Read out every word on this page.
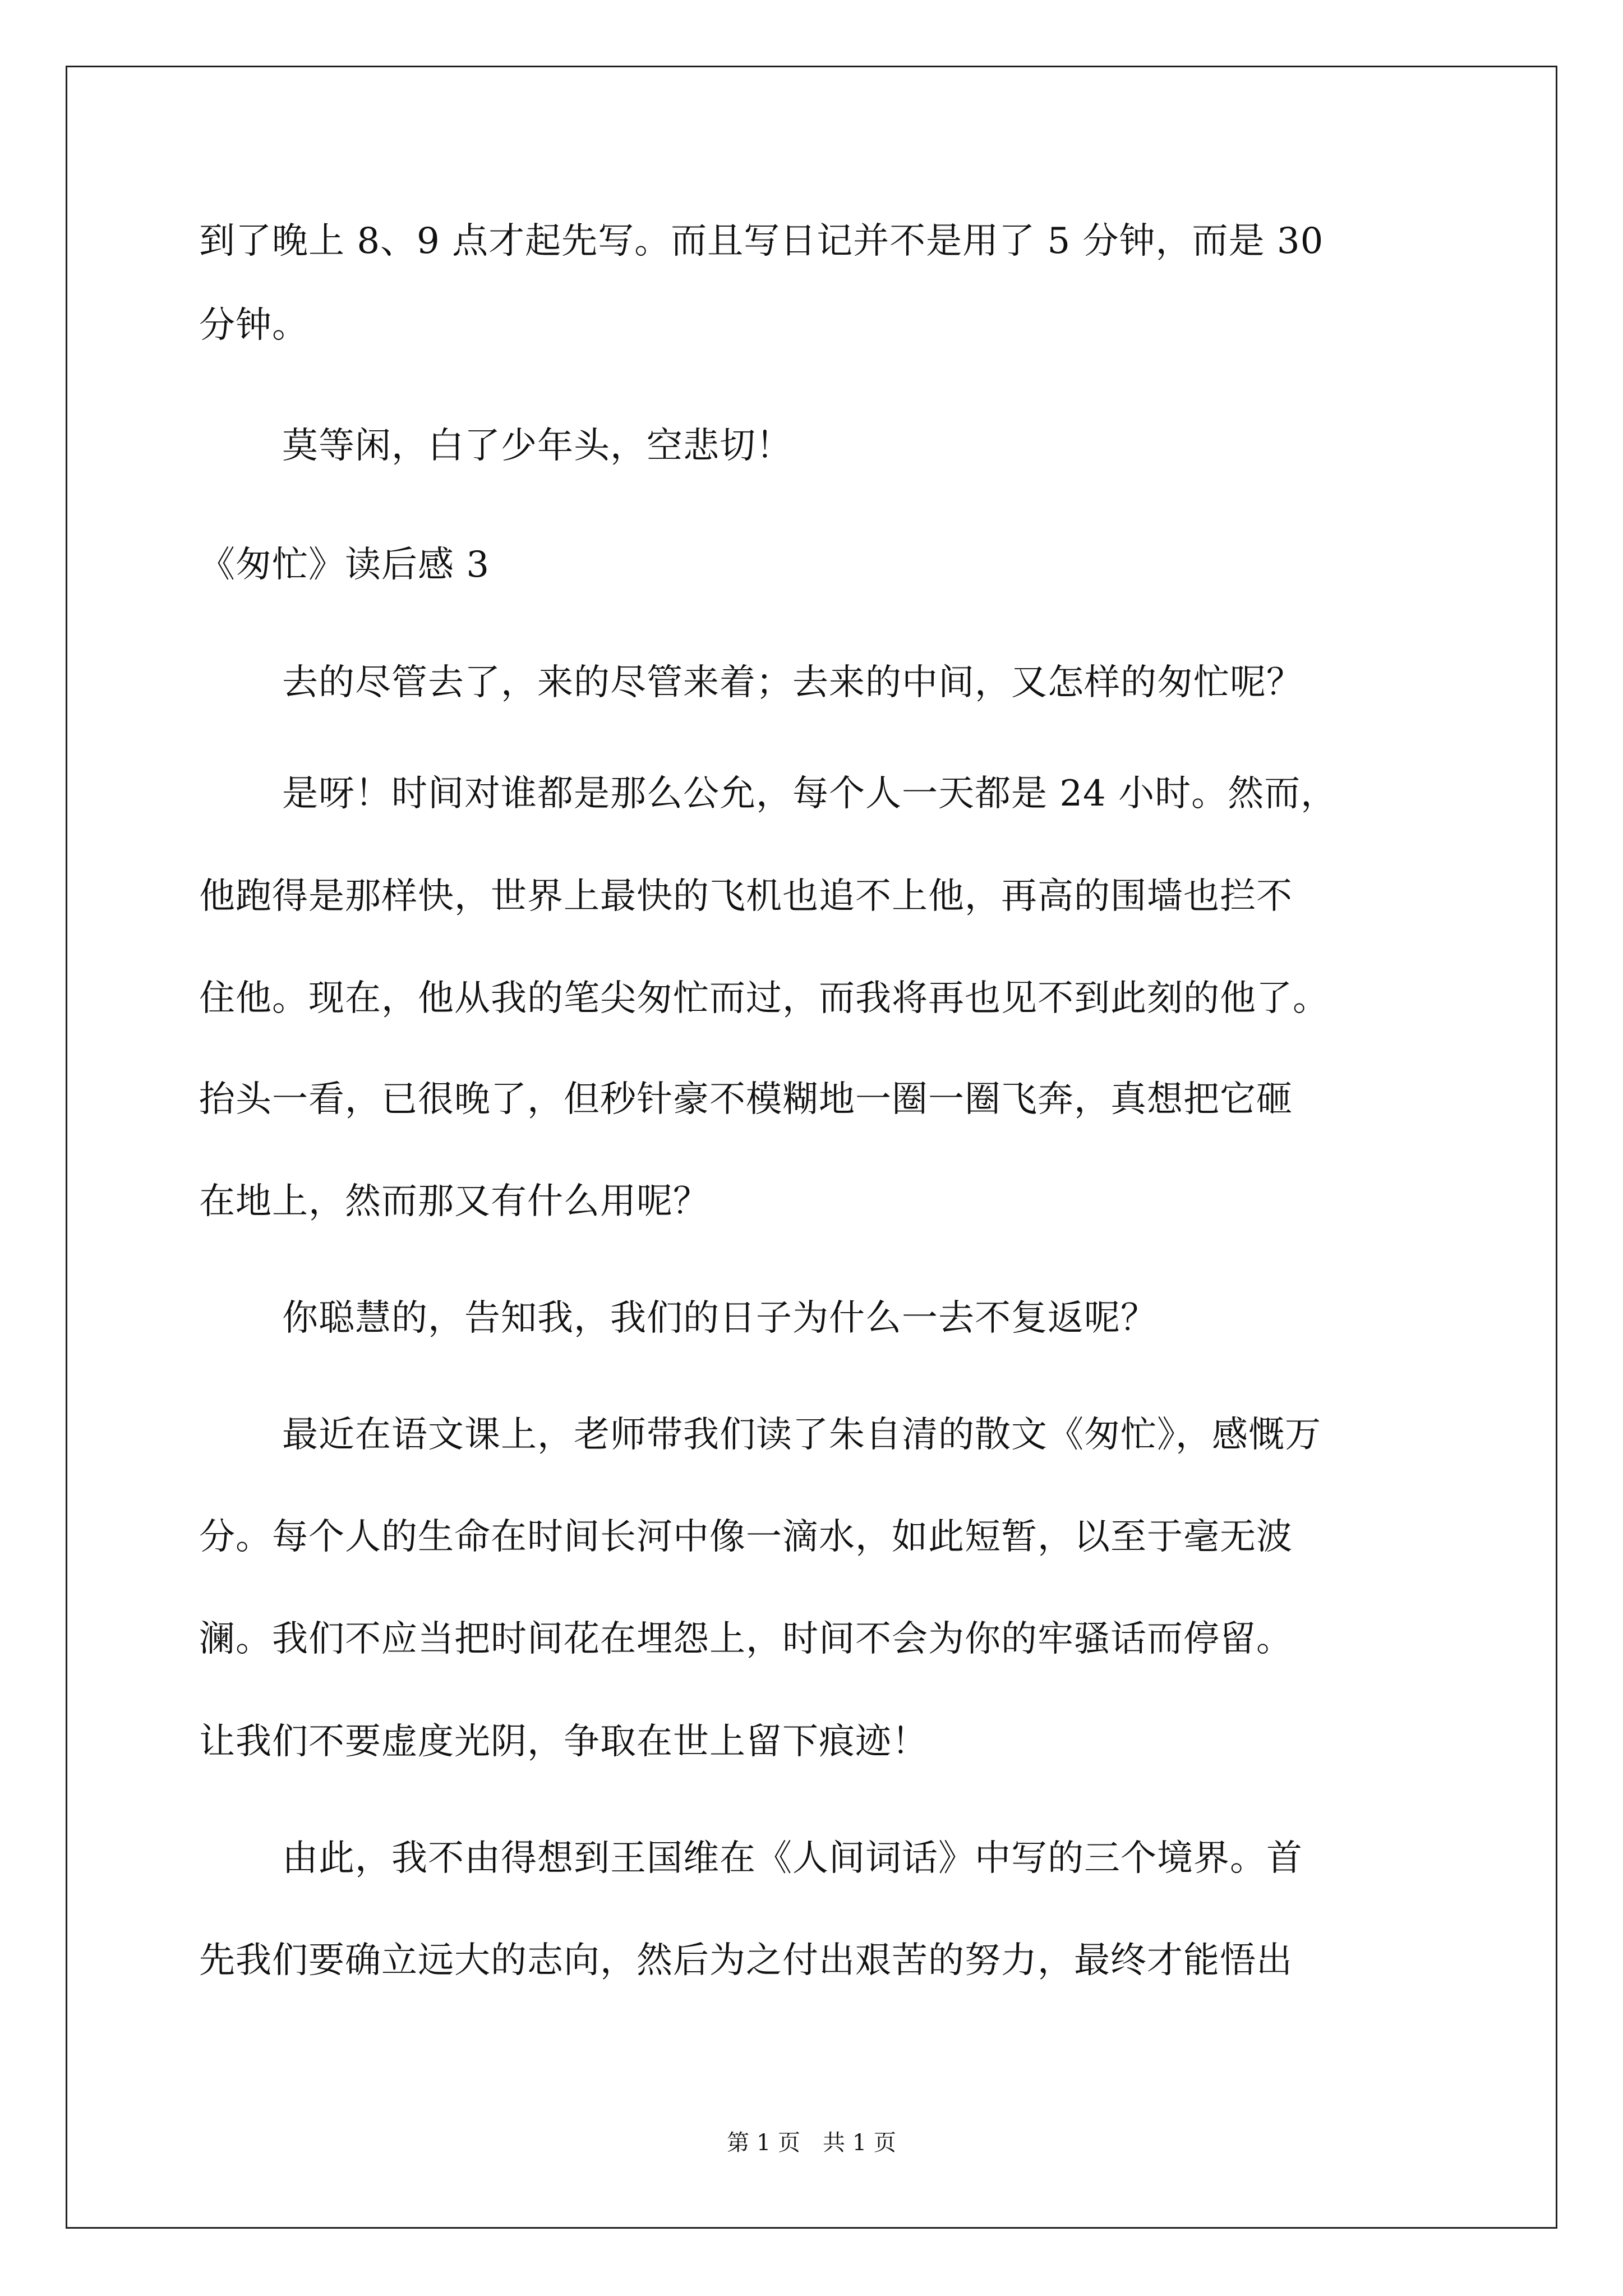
到了晚上 8、9 点才起先写。而且写日记并不是用了 5 分钟，而是 30
分钟。
莫等闲，白了少年头，空悲切！
《匆忙》读后感 3
去的尽管去了，来的尽管来着；去来的中间，又怎样的匆忙呢？
是呀！时间对谁都是那么公允，每个人一天都是 24 小时。然而，
他跑得是那样快，世界上最快的飞机也追不上他，再高的围墙也拦不
住他。现在，他从我的笔尖匆忙而过，而我将再也见不到此刻的他了。
抬头一看，已很晚了，但秒针豪不模糊地一圈一圈飞奔，真想把它砸
在地上，然而那又有什么用呢？
你聪慧的，告知我，我们的日子为什么一去不复返呢？
最近在语文课上，老师带我们读了朱自清的散文《匆忙》，感慨万
分。每个人的生命在时间长河中像一滴水，如此短暂，以至于毫无波
澜。我们不应当把时间花在埋怨上，时间不会为你的牢骚话而停留。
让我们不要虚度光阴，争取在世上留下痕迹！
由此，我不由得想到王国维在《人间词话》中写的三个境界。首
先我们要确立远大的志向，然后为之付出艰苦的努力，最终才能悟出
第 1 页　共 1 页
